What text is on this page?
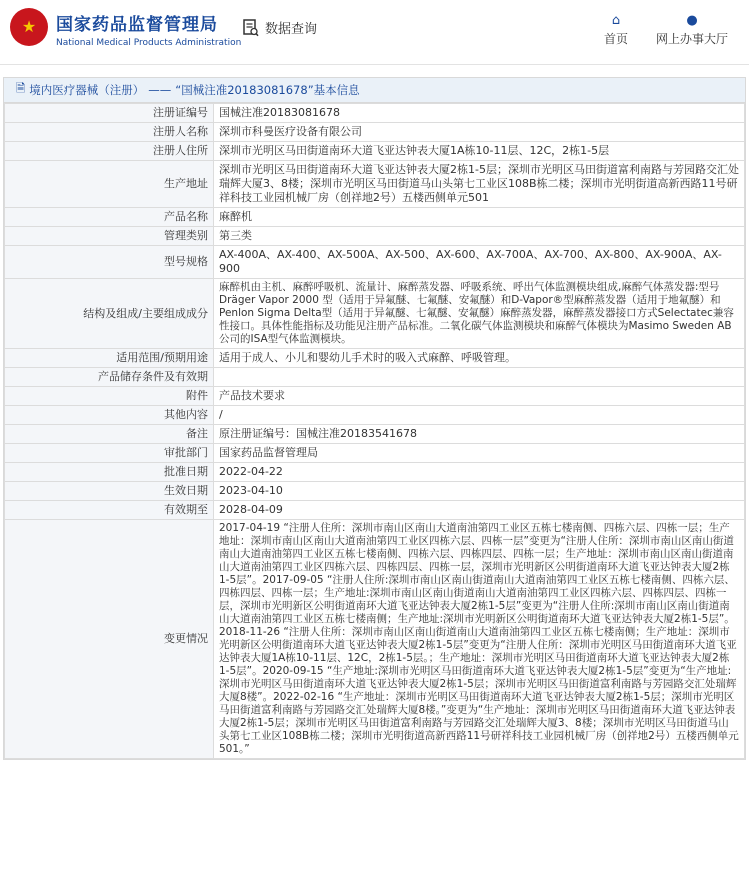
★ 国家药品监督管理局
National Medical Products Administration
数据查询
⌂
首页
●
网上办事大厅
🗎 境内医疗器械（注册） —— “国械注准20183081678”基本信息
注册证编号	国械注准20183081678
注册人名称	深圳市科曼医疗设备有限公司
注册人住所	深圳市光明区马田街道南环大道飞亚达钟表大厦1A栋10-11层、12C，2栋1-5层
生产地址	深圳市光明区马田街道南环大道飞亚达钟表大厦2栋1-5层；深圳市光明区马田街道富利南路与芳园路交汇处瑞辉大厦3、8楼；深圳市光明区马田街道马山头第七工业区108B栋二楼；深圳市光明街道高新西路11号研祥科技工业园机械厂房（创祥地2号）五楼西侧单元501
产品名称	麻醉机
管理类别	第三类
型号规格	AX-400A、AX-400、AX-500A、AX-500、AX-600、AX-700A、AX-700、AX-800、AX-900A、AX-900
结构及组成/主要组成成分	麻醉机由主机、麻醉呼吸机、流量计、麻醉蒸发器、呼吸系统、呼出气体监测模块组成,麻醉气体蒸发器:型号Dräger Vapor 2000 型（适用于异氟醚、七氟醚、安氟醚）和D-Vapor®型麻醉蒸发器（适用于地氟醚）和Penlon Sigma Delta型（适用于异氟醚、七氟醚、安氟醚）麻醉蒸发器，麻醉蒸发器接口方式Selectatec兼容性接口。具体性能指标及功能见注册产品标准。二氧化碳气体监测模块和麻醉气体模块为Masimo Sweden AB公司的ISA型气体监测模块。
适用范围/预期用途	适用于成人、小儿和婴幼儿手术时的吸入式麻醉、呼吸管理。
产品储存条件及有效期	
附件	产品技术要求
其他内容	/
备注	原注册证编号：国械注准20183541678
审批部门	国家药品监督管理局
批准日期	2022-04-22
生效日期	2023-04-10
有效期至	2028-04-09
变更情况	2017-04-19 “注册人住所：深圳市南山区南山大道南油第四工业区五栋七楼南侧、四栋六层、四栋一层；生产地址：深圳市南山区南山大道南油第四工业区四栋六层、四栋一层”变更为“注册人住所：深圳市南山区南山街道南山大道南油第四工业区五栋七楼南侧、四栋六层、四栋四层、四栋一层；生产地址：深圳市南山区南山街道南山大道南油第四工业区四栋六层、四栋四层、四栋一层，深圳市光明新区公明街道南环大道飞亚达钟表大厦2栋1-5层”。2017-09-05 “注册人住所:深圳市南山区南山街道南山大道南油第四工业区五栋七楼南侧、四栋六层、四栋四层、四栋一层；生产地址:深圳市南山区南山街道南山大道南油第四工业区四栋六层、四栋四层、四栋一层，深圳市光明新区公明街道南环大道飞亚达钟表大厦2栋1-5层”变更为“注册人住所:深圳市南山区南山街道南山大道南油第四工业区五栋七楼南侧；生产地址:深圳市光明新区公明街道南环大道飞亚达钟表大厦2栋1-5层”。2018-11-26 “注册人住所：深圳市南山区南山街道南山大道南油第四工业区五栋七楼南侧；生产地址：深圳市光明新区公明街道南环大道飞亚达钟表大厦2栋1-5层”变更为“注册人住所：深圳市光明区马田街道南环大道飞亚达钟表大厦1A栋10-11层、12C，2栋1-5层。；生产地址：深圳市光明区马田街道南环大道飞亚达钟表大厦2栋1-5层”。2020-09-15 “生产地址:深圳市光明区马田街道南环大道飞亚达钟表大厦2栋1-5层”变更为“生产地址:深圳市光明区马田街道南环大道飞亚达钟表大厦2栋1-5层；深圳市光明区马田街道富利南路与芳园路交汇处瑞辉大厦8楼”。2022-02-16 “生产地址：深圳市光明区马田街道南环大道飞亚达钟表大厦2栋1-5层；深圳市光明区马田街道富利南路与芳园路交汇处瑞辉大厦8楼。”变更为“生产地址：深圳市光明区马田街道南环大道飞亚达钟表大厦2栋1-5层；深圳市光明区马田街道富利南路与芳园路交汇处瑞辉大厦3、8楼；深圳市光明区马田街道马山头第七工业区108B栋二楼；深圳市光明街道高新西路11号研祥科技工业园机械厂房（创祥地2号）五楼西侧单元501。”
